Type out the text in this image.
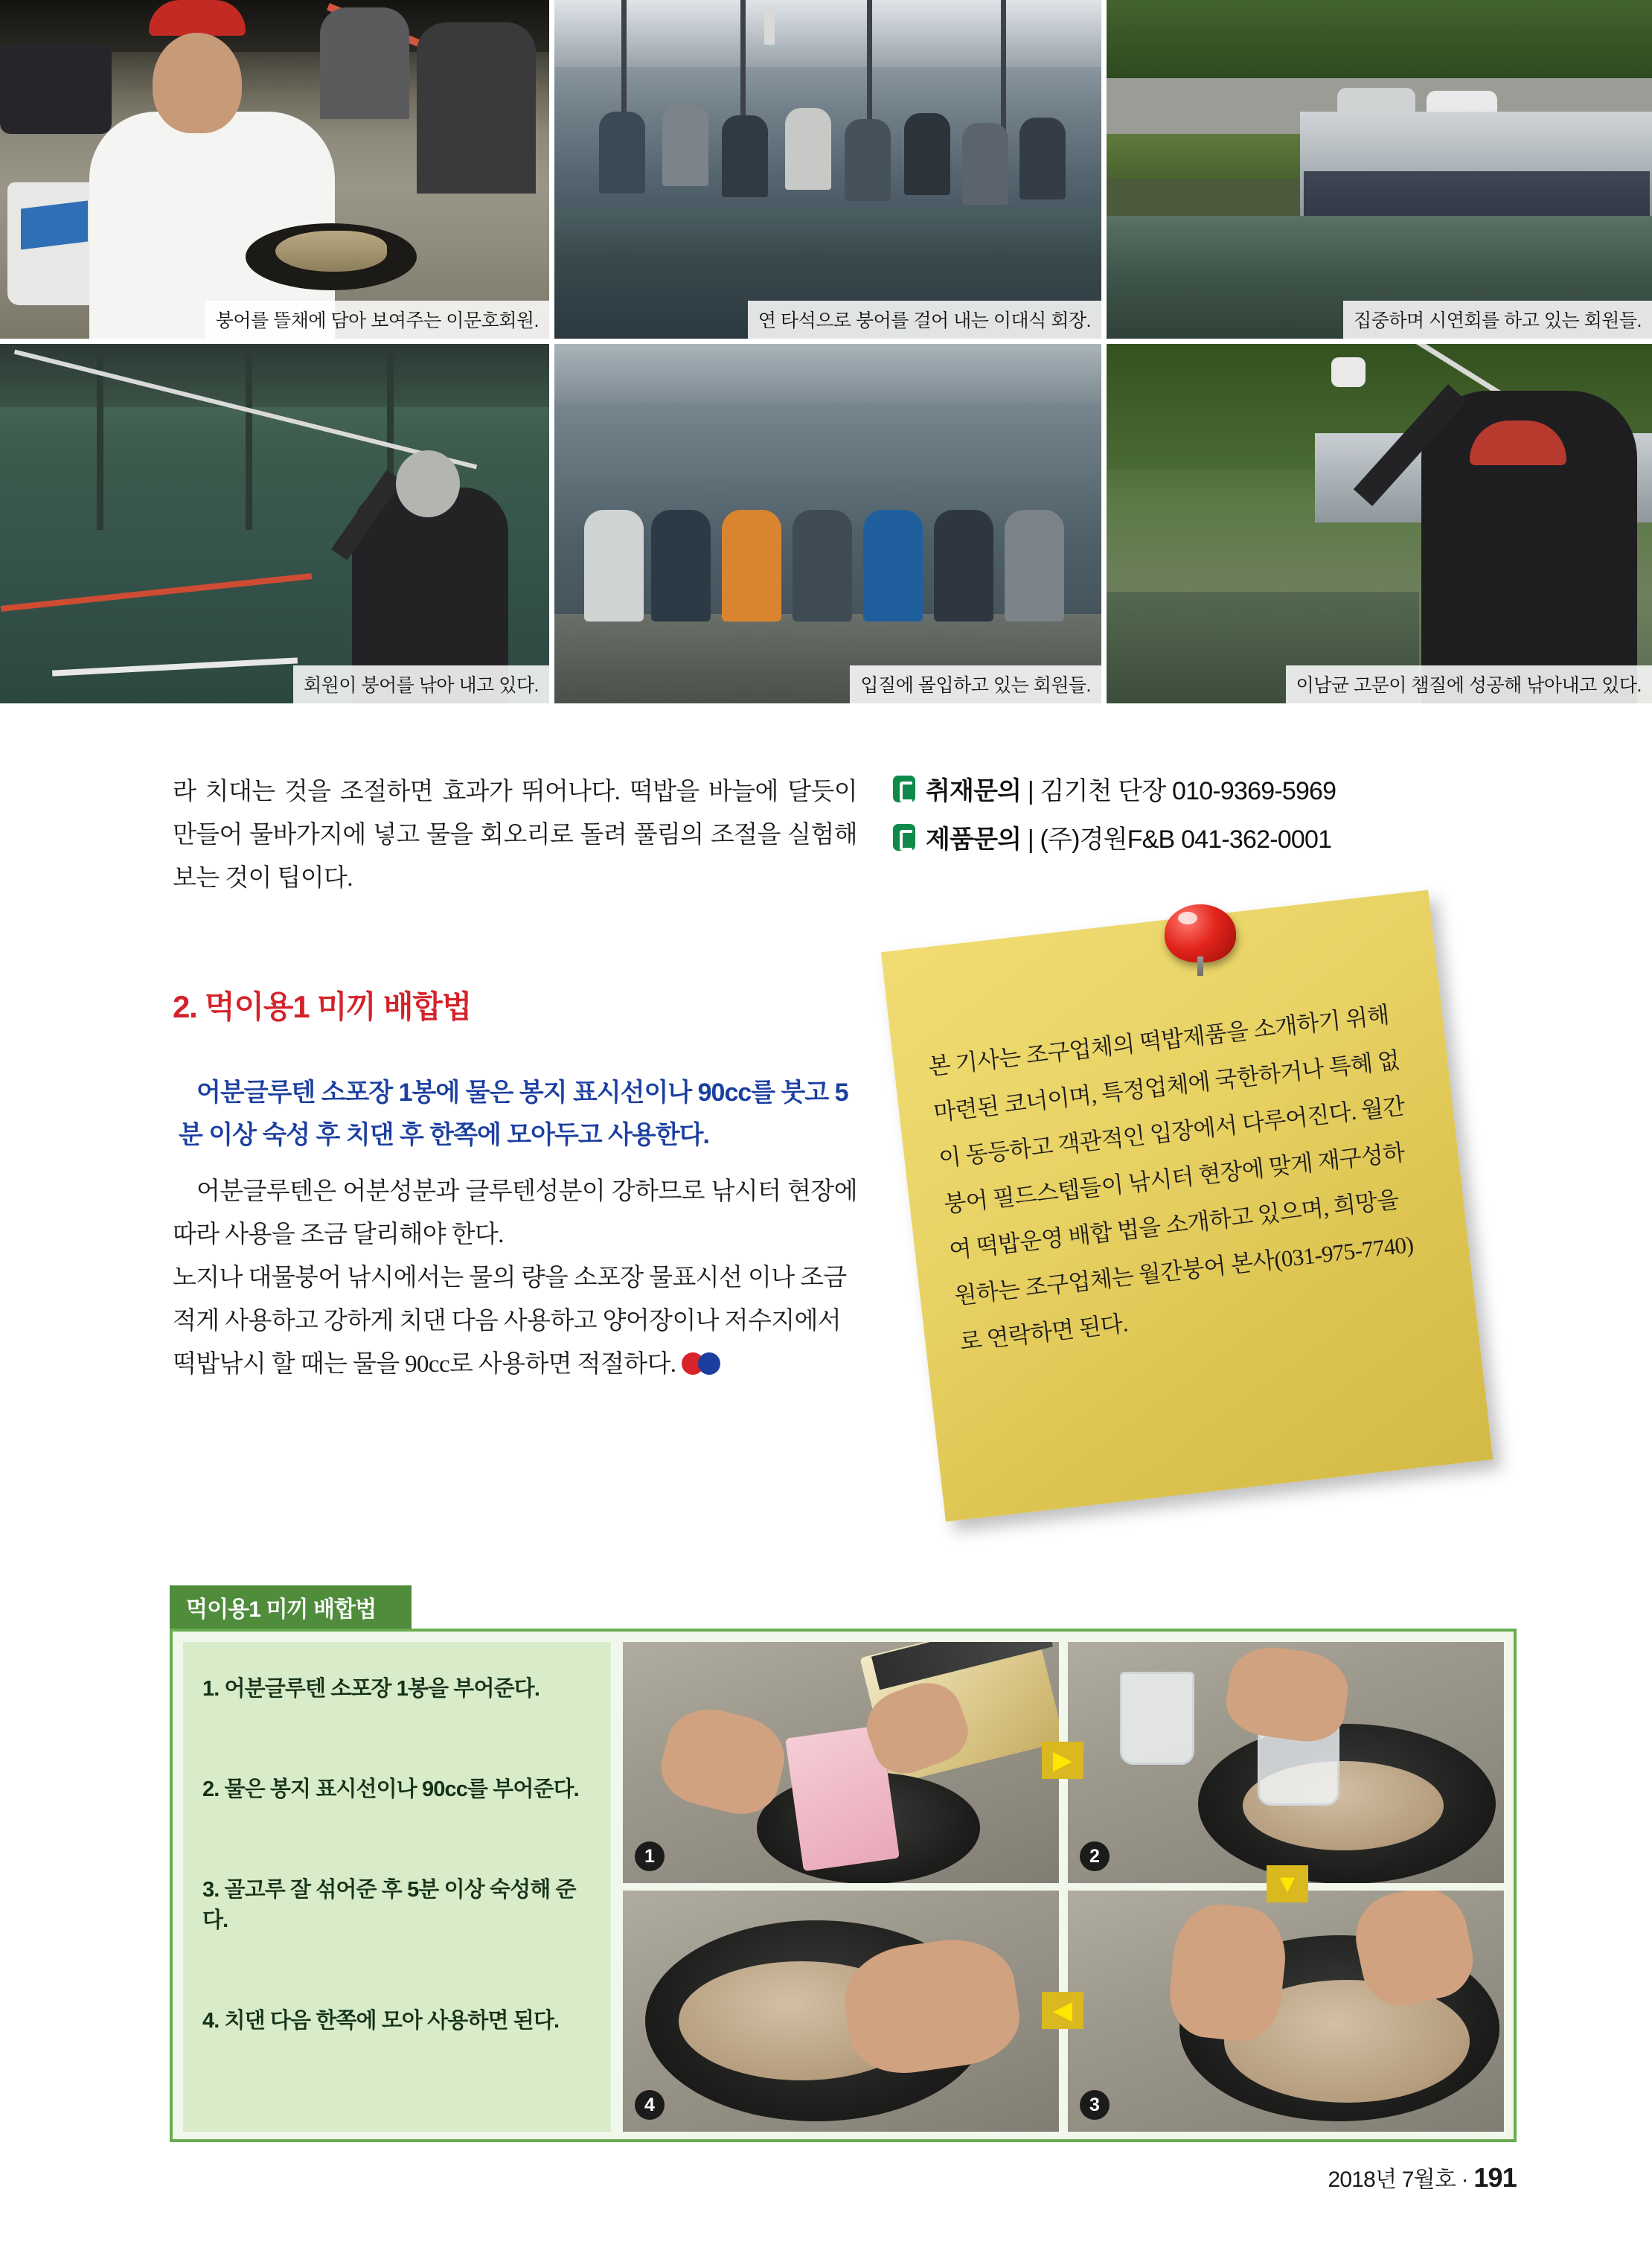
붕어를 뜰채에 담아 보여주는 이문호회원.	연 타석으로 붕어를 걸어 내는 이대식 회장.	집중하며 시연회를 하고 있는 회원들.
회원이 붕어를 낚아 내고 있다.	입질에 몰입하고 있는 회원들.	이남균 고문이 챔질에 성공해 낚아내고 있다.

라 치대는 것을 조절하면 효과가 뛰어나다. 떡밥을 바늘에 달듯이 만들어 물바가지에 넣고 물을 회오리로 돌려 풀림의 조절을 실험해보는 것이 팁이다.

취재문의 | 김기천 단장 010-9369-5969
제품문의 | (주)경원F&B 041-362-0001
2. 먹이용1 미끼 배합법

어분글루텐 소포장 1봉에 물은 봉지 표시선이나 90cc를 붓고 5분 이상 숙성 후 치댄 후 한쪽에 모아두고 사용한다.

어분글루텐은 어분성분과 글루텐성분이 강하므로 낚시터 현장에 따라 사용을 조금 달리해야 한다.

노지나 대물붕어 낚시에서는 물의 량을 소포장 물표시선 이나 조금 적게 사용하고 강하게 치댄 다음 사용하고 양어장이나 저수지에서 떡밥낚시 할 때는 물을 90cc로 사용하면 적절하다.

본 기사는 조구업체의 떡밥제품을 소개하기 위해 마련된 코너이며, 특정업체에 국한하거나 특혜 없이 동등하고 객관적인 입장에서 다루어진다. 월간붕어 필드스텝들이 낚시터 현장에 맞게 재구성하여 떡밥운영 배합 법을 소개하고 있으며, 희망을 원하는 조구업체는 월간붕어 본사(031-975-7740)로 연락하면 된다.
먹이용1 미끼 배합법
1. 어분글루텐 소포장 1봉을 부어준다.
2. 물은 봉지 표시선이나 90cc를 부어준다.
3. 골고루 잘 섞어준 후 5분 이상 숙성해 준다.
4. 치댄 다음 한쪽에 모아 사용하면 된다.
1	2
3
4
▶
▼
◀
2018년 7월호 · 191
